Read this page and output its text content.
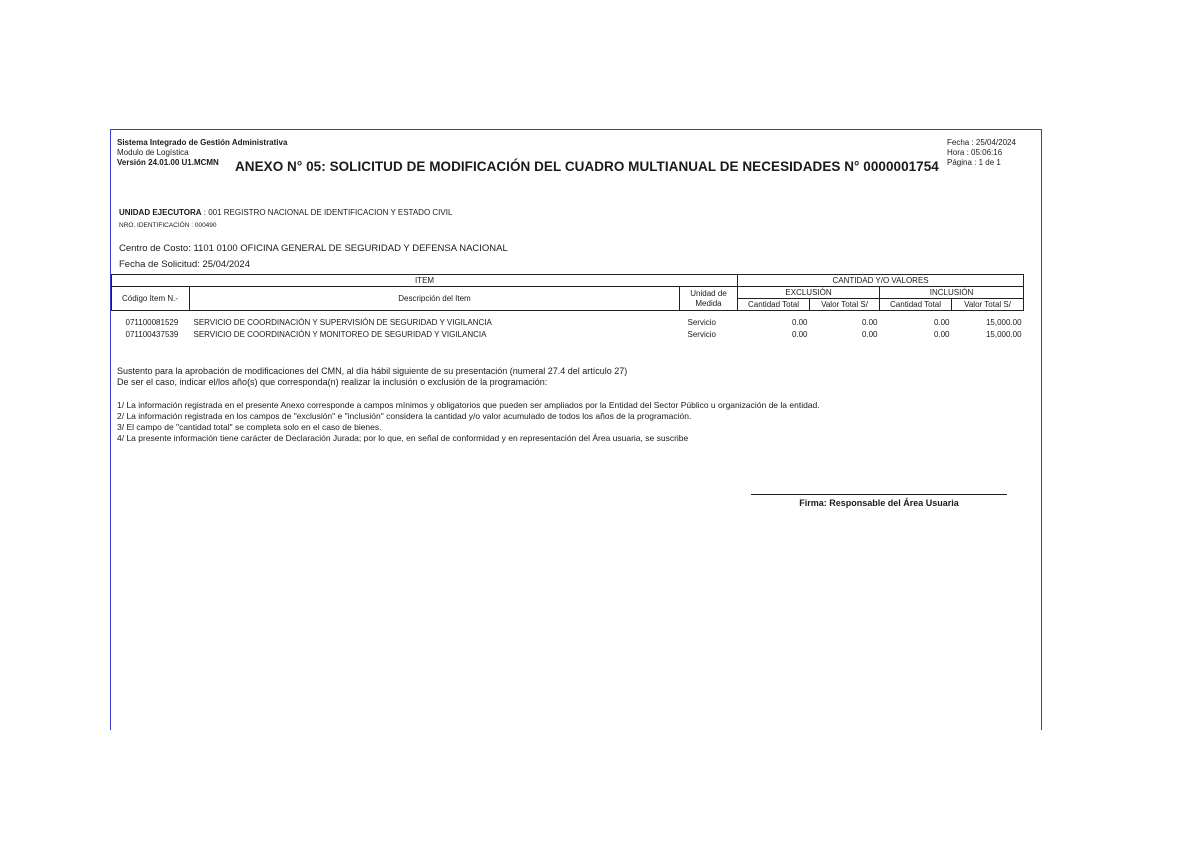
Sistema Integrado de Gestión Administrativa
Modulo de Logística
Versión 24.01.00 U1.MCMN	ANEXO N° 05: SOLICITUD DE MODIFICACIÓN DEL CUADRO MULTIANUAL DE NECESIDADES N° 0000001754
Fecha : 25/04/2024
Hora : 05:06:16
Página : 1 de 1
UNIDAD EJECUTORA : 001 REGISTRO NACIONAL DE IDENTIFICACION Y ESTADO CIVIL
NRO. IDENTIFICACIÓN : 000490
Centro de Costo: 1101 0100 OFICINA GENERAL DE SEGURIDAD Y DEFENSA NACIONAL
Fecha de Solicitud: 25/04/2024
ITEM			CANTIDAD Y/O VALORES			
Código Item N.-	Descripción del Item	Unidad de Medida	EXCLUSIÓN		INCLUSIÓN	
			Cantidad Total	Valor Total S/	Cantidad Total	Valor Total S/

071100081529	SERVICIO DE COORDINACIÓN Y SUPERVISIÓN DE SEGURIDAD Y VIGILANCIA	Servicio	0.00	0.00	0.00	15,000.00
071100437539	SERVICIO DE COORDINACIÓN Y MONITOREO DE SEGURIDAD Y VIGILANCIA	Servicio	0.00	0.00	0.00	15,000.00
Sustento para la aprobación de modificaciones del CMN, al día hábil siguiente de su presentación (numeral 27.4 del artículo 27)
De ser el caso, indicar el/los año(s) que corresponda(n) realizar la inclusión o exclusión de la programación:
1/ La información registrada en el presente Anexo corresponde a campos mínimos y obligatorios que pueden ser ampliados por la Entidad del Sector Público u organización de la entidad.
2/ La información registrada en los campos de "exclusión" e "inclusión" considera la cantidad y/o valor acumulado de todos los años de la programación.
3/ El campo de "cantidad total" se completa solo en el caso de bienes.
4/ La presente información tiene carácter de Declaración Jurada; por lo que, en señal de conformidad y en representación del Área usuaria, se suscribe
Firma: Responsable del Área Usuaria
